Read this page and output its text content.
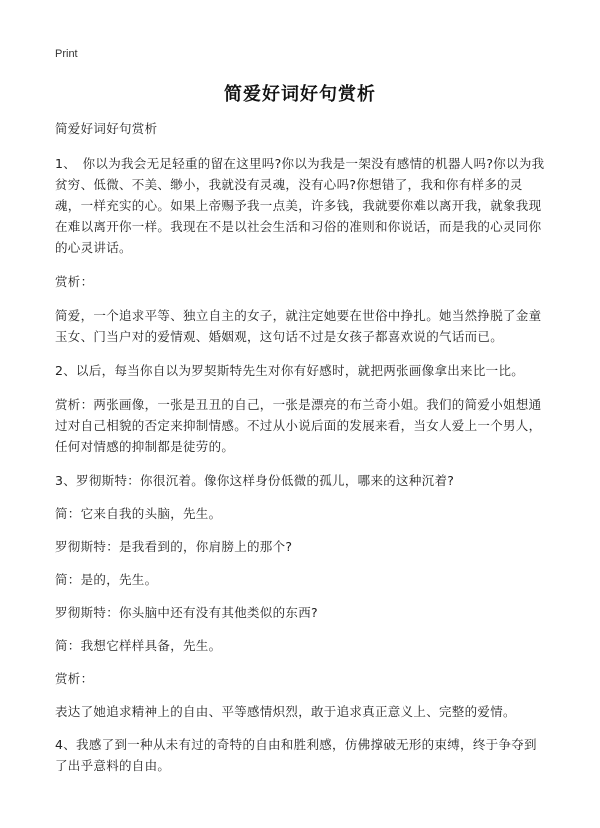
Print
简爱好词好句赏析

简爱好词好句赏析

1、　你以为我会无足轻重的留在这里吗?你以为我是一架没有感情的机器人吗?你以为我贫穷、低微、不美、缈小，我就没有灵魂，没有心吗?你想错了，我和你有样多的灵魂，一样充实的心。如果上帝赐予我一点美，许多钱，我就要你难以离开我，就象我现在难以离开你一样。我现在不是以社会生活和习俗的准则和你说话，而是我的心灵同你的心灵讲话。

赏析：

简爱，一个追求平等、独立自主的女子，就注定她要在世俗中挣扎。她当然挣脱了金童玉女、门当户对的爱情观、婚姻观，这句话不过是女孩子都喜欢说的气话而已。

2、以后，每当你自以为罗契斯特先生对你有好感时，就把两张画像拿出来比一比。

赏析：两张画像，一张是丑丑的自己，一张是漂亮的布兰奇小姐。我们的简爱小姐想通过对自己相貌的否定来抑制情感。不过从小说后面的发展来看，当女人爱上一个男人，任何对情感的抑制都是徒劳的。

3、罗彻斯特：你很沉着。像你这样身份低微的孤儿，哪来的这种沉着?

简：它来自我的头脑，先生。

罗彻斯特：是我看到的，你肩膀上的那个?

简：是的，先生。

罗彻斯特：你头脑中还有没有其他类似的东西?

简：我想它样样具备，先生。

赏析：

表达了她追求精神上的自由、平等感情炽烈，敢于追求真正意义上、完整的爱情。

4、我感了到一种从未有过的奇特的自由和胜利感，仿佛撑破无形的束缚，终于争夺到了出乎意料的自由。
